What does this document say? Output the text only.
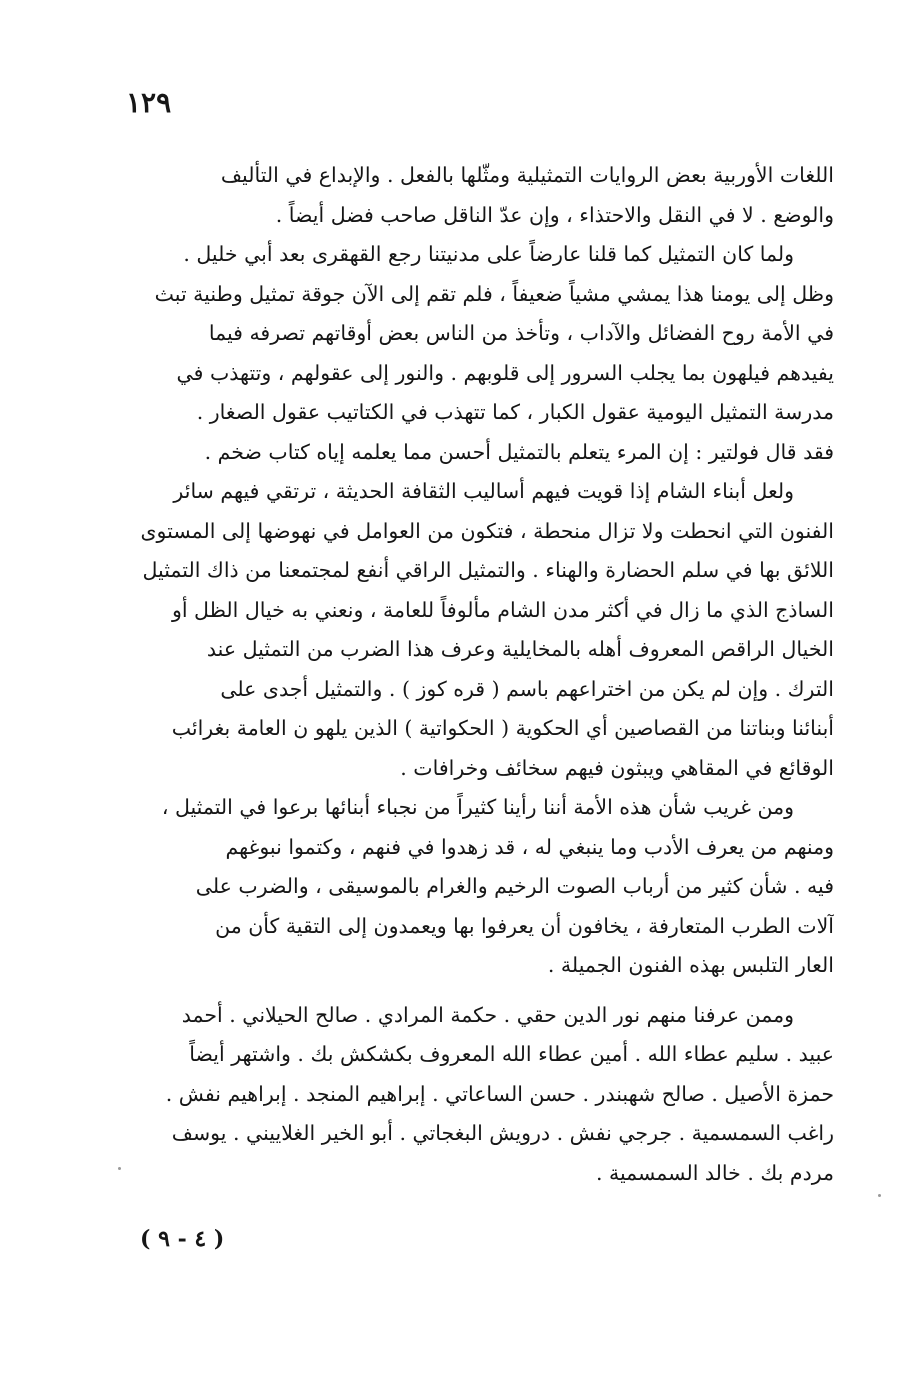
١٢٩
اللغات الأوربية بعض الروايات التمثيلية ومثّلها بالفعل . والإبداع في التأليف
والوضع . لا في النقل والاحتذاء ، وإن عدّ الناقل صاحب فضل أيضاً .
ولما كان التمثيل كما قلنا عارضاً على مدنيتنا رجع القهقرى بعد أبي خليل .
وظل إلى يومنا هذا يمشي مشياً ضعيفاً ، فلم تقم إلى الآن جوقة تمثيل وطنية تبث
في الأمة روح الفضائل والآداب ، وتأخذ من الناس بعض أوقاتهم تصرفه فيما
يفيدهم فيلهون بما يجلب السرور إلى قلوبهم . والنور إلى عقولهم ، وتتهذب في
مدرسة التمثيل اليومية عقول الكبار ، كما تتهذب في الكتاتيب عقول الصغار .
فقد قال فولتير : إن المرء يتعلم بالتمثيل أحسن مما يعلمه إياه كتاب ضخم .
ولعل أبناء الشام إذا قويت فيهم أساليب الثقافة الحديثة ، ترتقي فيهم سائر
الفنون التي انحطت ولا تزال منحطة ، فتكون من العوامل في نهوضها إلى المستوى
اللائق بها في سلم الحضارة والهناء . والتمثيل الراقي أنفع لمجتمعنا من ذاك التمثيل
الساذج الذي ما زال في أكثر مدن الشام مألوفاً للعامة ، ونعني به خيال الظل أو
الخيال الراقص المعروف أهله بالمخايلية وعرف هذا الضرب من التمثيل عند
الترك . وإن لم يكن من اختراعهم باسم ( قره كوز ) . والتمثيل أجدى على
أبنائنا وبناتنا من القصاصين أي الحكوية ( الحكواتية ) الذين يلهو ن العامة بغرائب
الوقائع في المقاهي ويبثون فيهم سخائف وخرافات .
ومن غريب شأن هذه الأمة أننا رأينا كثيراً من نجباء أبنائها برعوا في التمثيل ،
ومنهم من يعرف الأدب وما ينبغي له ، قد زهدوا في فنهم ، وكتموا نبوغهم
فيه . شأن كثير من أرباب الصوت الرخيم والغرام بالموسيقى ، والضرب على
آلات الطرب المتعارفة ، يخافون أن يعرفوا بها ويعمدون إلى التقية كأن من
العار التلبس بهذه الفنون الجميلة .
وممن عرفنا منهم نور الدين حقي . حكمة المرادي . صالح الحيلاني . أحمد
عبيد . سليم عطاء الله . أمين عطاء الله المعروف بكشكش بك . واشتهر أيضاً
حمزة الأصيل . صالح شهبندر . حسن الساعاتي . إبراهيم المنجد . إبراهيم نفش .
راغب السمسمية . جرجي نفش . درويش البغجاتي . أبو الخير الغلاييني . يوسف
مردم بك . خالد السمسمية .
( ٤ - ٩ )
